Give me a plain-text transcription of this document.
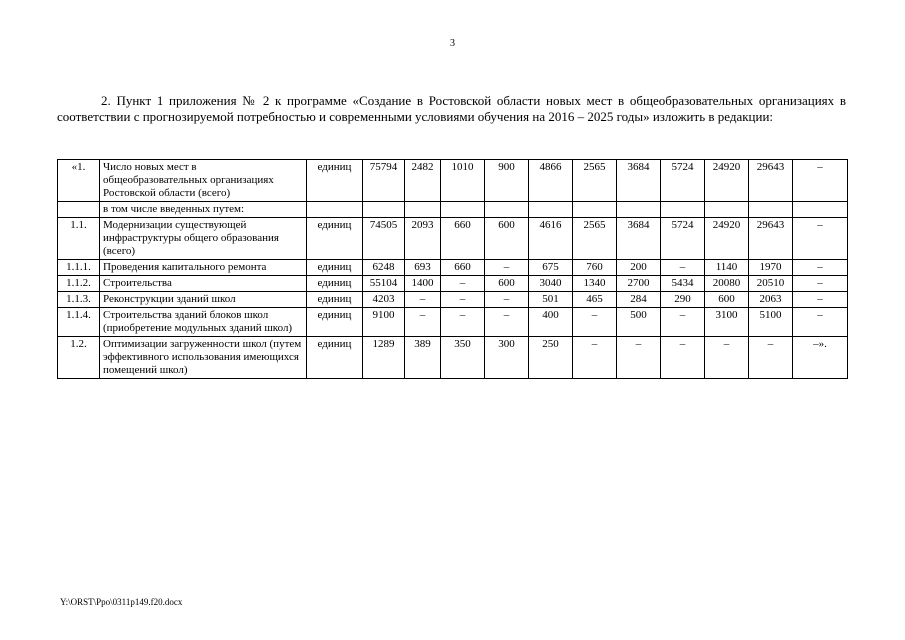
3

2. Пункт 1 приложения № 2 к программе «Создание в Ростовской области новых мест в общеобразовательных организациях в соответствии с прогнозируемой потребностью и современными условиями обучения на 2016 – 2025 годы» изложить в редакции:

«1.	Число новых мест в общеобразовательных организациях Ростовской области (всего)	единиц	75794	2482	1010	900	4866	2565	3684	5724	24920	29643	–
	в том числе введенных путем:												
1.1.	Модернизации существующей инфраструктуры общего образования (всего)	единиц	74505	2093	660	600	4616	2565	3684	5724	24920	29643	–
1.1.1.	Проведения капитального ремонта	единиц	6248	693	660	–	675	760	200	–	1140	1970	–
1.1.2.	Строительства	единиц	55104	1400	–	600	3040	1340	2700	5434	20080	20510	–
1.1.3.	Реконструкции зданий школ	единиц	4203	–	–	–	501	465	284	290	600	2063	–
1.1.4.	Строительства зданий блоков школ (приобретение модульных зданий школ)	единиц	9100	–	–	–	400	–	500	–	3100	5100	–
1.2.	Оптимизации загруженности школ (путем эффективного использования имеющихся помещений школ)	единиц	1289	389	350	300	250	–	–	–	–	–	–».
Y:\ORST\Ppo\0311p149.f20.docx
